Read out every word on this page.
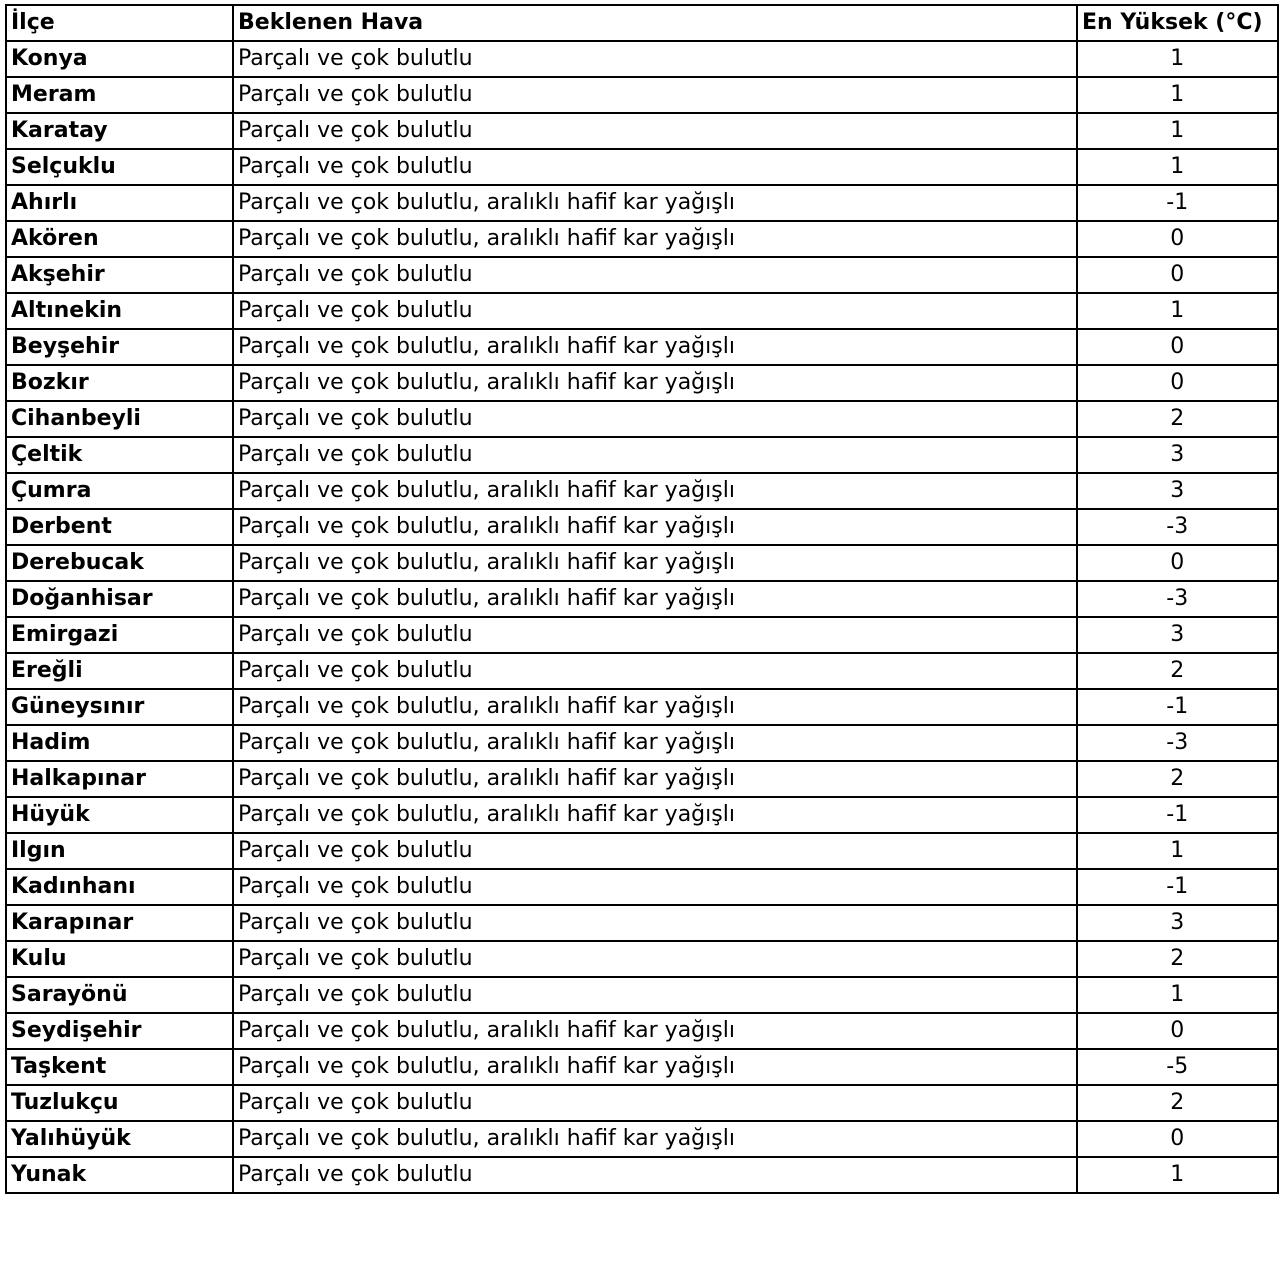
İlçe	Beklenen Hava	En Yüksek (°C)
Konya	Parçalı ve çok bulutlu	1
Meram	Parçalı ve çok bulutlu	1
Karatay	Parçalı ve çok bulutlu	1
Selçuklu	Parçalı ve çok bulutlu	1
Ahırlı	Parçalı ve çok bulutlu, aralıklı hafif kar yağışlı	-1
Akören	Parçalı ve çok bulutlu, aralıklı hafif kar yağışlı	0
Akşehir	Parçalı ve çok bulutlu	0
Altınekin	Parçalı ve çok bulutlu	1
Beyşehir	Parçalı ve çok bulutlu, aralıklı hafif kar yağışlı	0
Bozkır	Parçalı ve çok bulutlu, aralıklı hafif kar yağışlı	0
Cihanbeyli	Parçalı ve çok bulutlu	2
Çeltik	Parçalı ve çok bulutlu	3
Çumra	Parçalı ve çok bulutlu, aralıklı hafif kar yağışlı	3
Derbent	Parçalı ve çok bulutlu, aralıklı hafif kar yağışlı	-3
Derebucak	Parçalı ve çok bulutlu, aralıklı hafif kar yağışlı	0
Doğanhisar	Parçalı ve çok bulutlu, aralıklı hafif kar yağışlı	-3
Emirgazi	Parçalı ve çok bulutlu	3
Ereğli	Parçalı ve çok bulutlu	2
Güneysınır	Parçalı ve çok bulutlu, aralıklı hafif kar yağışlı	-1
Hadim	Parçalı ve çok bulutlu, aralıklı hafif kar yağışlı	-3
Halkapınar	Parçalı ve çok bulutlu, aralıklı hafif kar yağışlı	2
Hüyük	Parçalı ve çok bulutlu, aralıklı hafif kar yağışlı	-1
Ilgın	Parçalı ve çok bulutlu	1
Kadınhanı	Parçalı ve çok bulutlu	-1
Karapınar	Parçalı ve çok bulutlu	3
Kulu	Parçalı ve çok bulutlu	2
Sarayönü	Parçalı ve çok bulutlu	1
Seydişehir	Parçalı ve çok bulutlu, aralıklı hafif kar yağışlı	0
Taşkent	Parçalı ve çok bulutlu, aralıklı hafif kar yağışlı	-5
Tuzlukçu	Parçalı ve çok bulutlu	2
Yalıhüyük	Parçalı ve çok bulutlu, aralıklı hafif kar yağışlı	0
Yunak	Parçalı ve çok bulutlu	1
